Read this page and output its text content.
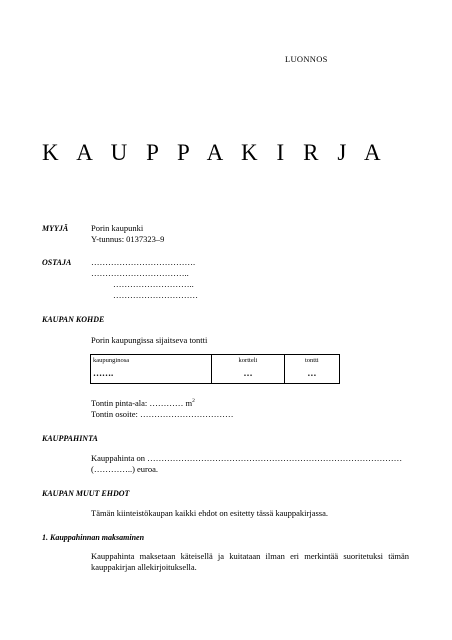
LUONNOS
K A U P P A K I R J A
MYYJÄ	Porin kaupunki
Y-tunnus: 0137323–9
OSTAJA ……………………………….
……………………………..
………………………..
…………………………
KAUPAN KOHDE
Porin kaupungissa sijaitseva tontti
kaupunginosa	kortteli	tontti
…….	…	…
Tontin pinta-ala: ………… $m^2$
Tontin osoite: ……………………………
KAUPPAHINTA
Kauppahinta on ………………………………………………………………………………
(…………..) euroa.
KAUPAN MUUT EHDOT
Tämän kiinteistökaupan kaikki ehdot on esitetty tässä kauppakirjassa.
1. Kauppahinnan maksaminen
Kauppahinta maksetaan käteisellä ja kuitataan ilman eri merkintää suoritetuksi tämän kauppakirjan allekirjoituksella.
